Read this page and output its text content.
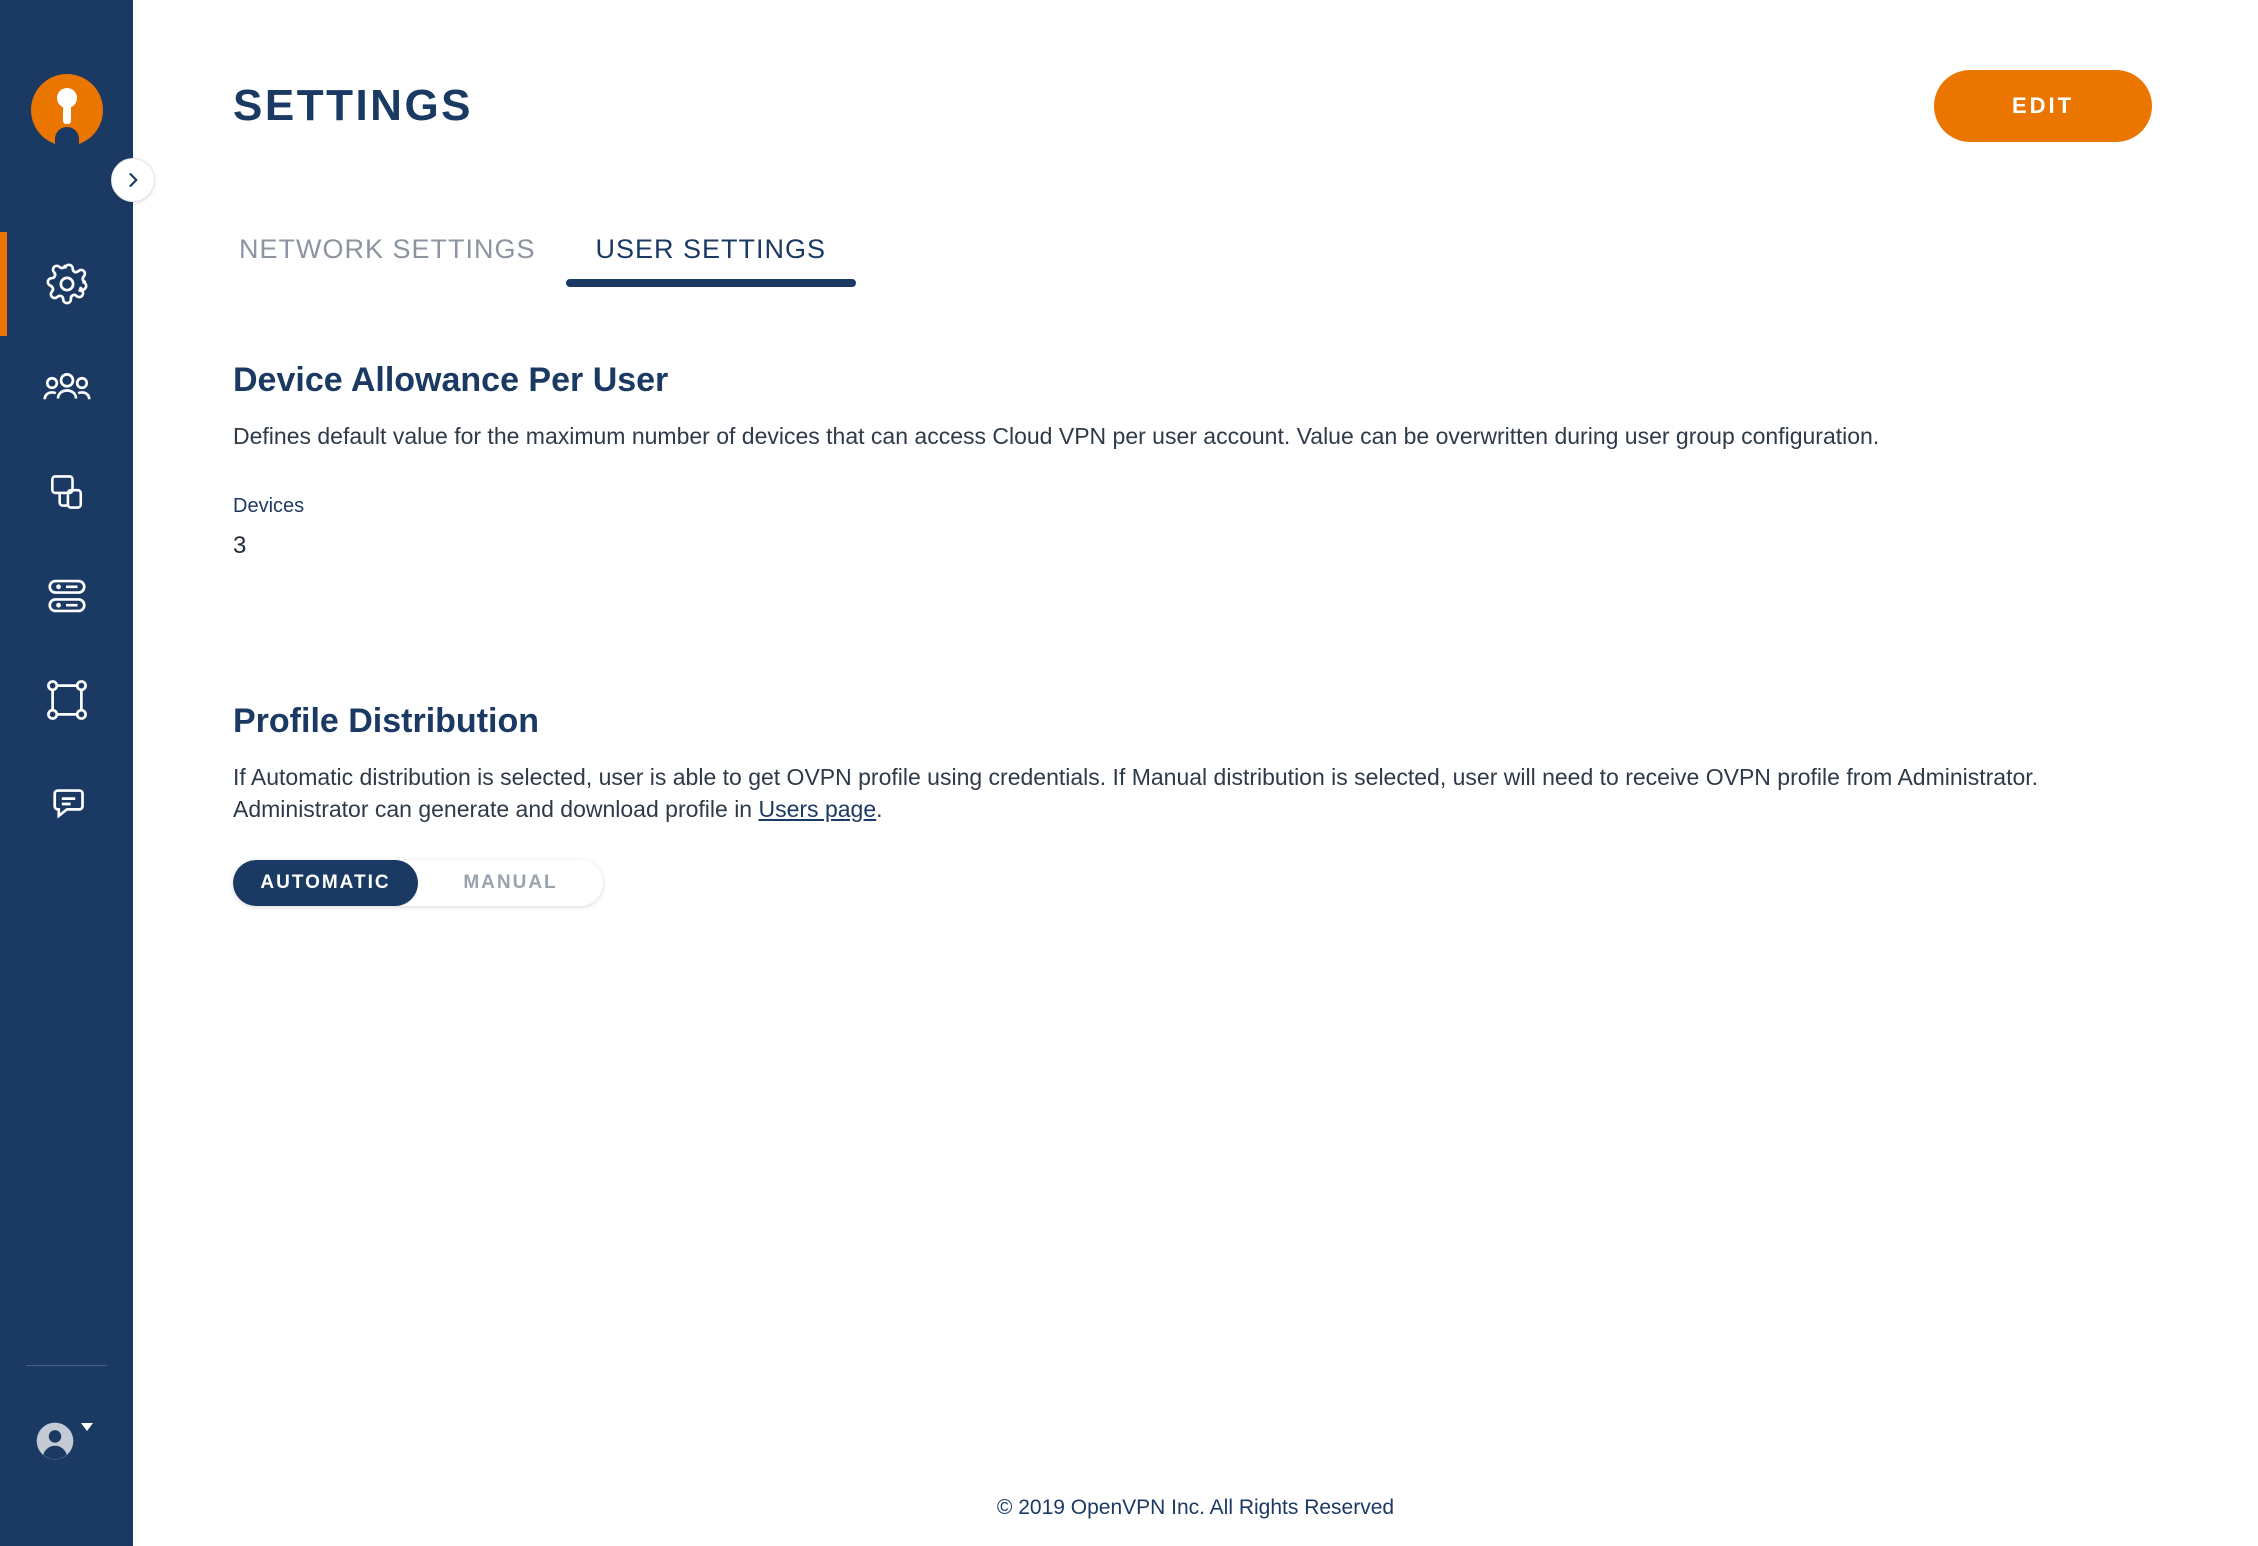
SETTINGS	EDIT
NETWORK SETTINGS	USER SETTINGS
Device Allowance Per User

Defines default value for the maximum number of devices that can access Cloud VPN per user account. Value can be overwritten during user group configuration.

Devices
3
Profile Distribution

If Automatic distribution is selected, user is able to get OVPN profile using credentials. If Manual distribution is selected, user will need to receive OVPN profile from Administrator. Administrator can generate and download profile in Users page.

AUTOMATIC	MANUAL
© 2019 OpenVPN Inc. All Rights Reserved
